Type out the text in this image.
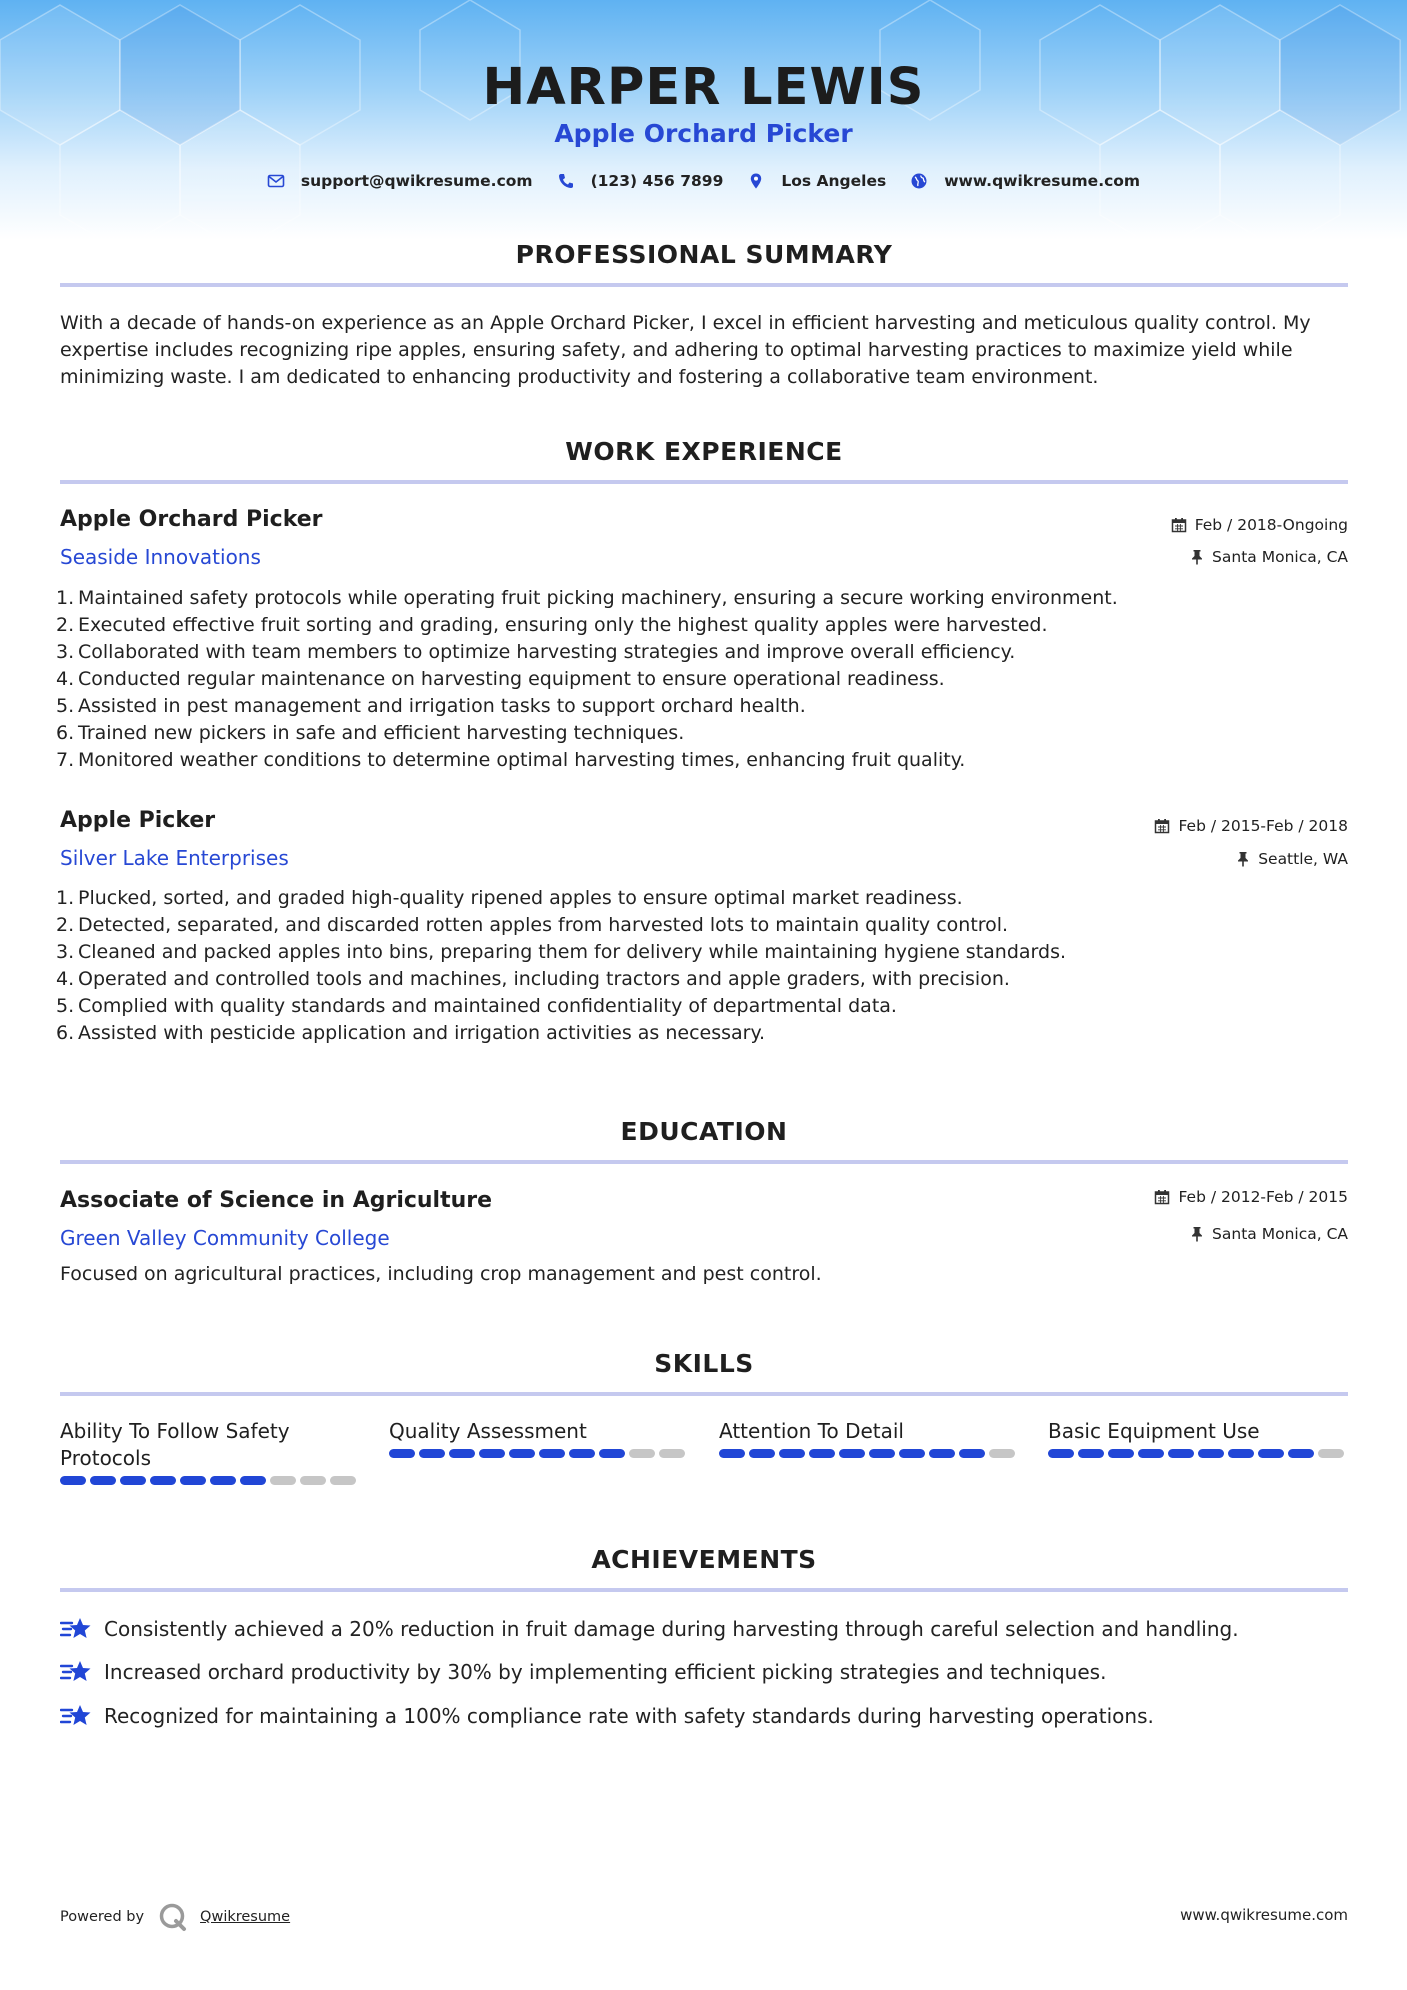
HARPER LEWIS
Apple Orchard Picker
support@qwikresume.com	(123) 456 7899	Los Angeles	www.qwikresume.com
PROFESSIONAL SUMMARY
With a decade of hands-on experience as an Apple Orchard Picker, I excel in efficient harvesting and meticulous quality control. My
expertise includes recognizing ripe apples, ensuring safety, and adhering to optimal harvesting practices to maximize yield while
minimizing waste. I am dedicated to enhancing productivity and fostering a collaborative team environment.
WORK EXPERIENCE
Apple Orchard Picker
Seaside Innovations
Feb / 2018-Ongoing
Santa Monica, CA
1. Maintained safety protocols while operating fruit picking machinery, ensuring a secure working environment.
2. Executed effective fruit sorting and grading, ensuring only the highest quality apples were harvested.
3. Collaborated with team members to optimize harvesting strategies and improve overall efficiency.
4. Conducted regular maintenance on harvesting equipment to ensure operational readiness.
5. Assisted in pest management and irrigation tasks to support orchard health.
6. Trained new pickers in safe and efficient harvesting techniques.
7. Monitored weather conditions to determine optimal harvesting times, enhancing fruit quality.
Apple Picker
Silver Lake Enterprises
Feb / 2015-Feb / 2018
Seattle, WA
1. Plucked, sorted, and graded high-quality ripened apples to ensure optimal market readiness.
2. Detected, separated, and discarded rotten apples from harvested lots to maintain quality control.
3. Cleaned and packed apples into bins, preparing them for delivery while maintaining hygiene standards.
4. Operated and controlled tools and machines, including tractors and apple graders, with precision.
5. Complied with quality standards and maintained confidentiality of departmental data.
6. Assisted with pesticide application and irrigation activities as necessary.
EDUCATION
Associate of Science in Agriculture
Green Valley Community College
Feb / 2012-Feb / 2015
Santa Monica, CA
Focused on agricultural practices, including crop management and pest control.
SKILLS
Ability To Follow Safety
Protocols
Quality Assessment	Attention To Detail	Basic Equipment Use
ACHIEVEMENTS
Consistently achieved a 20% reduction in fruit damage during harvesting through careful selection and handling.
Increased orchard productivity by 30% by implementing efficient picking strategies and techniques.
Recognized for maintaining a 100% compliance rate with safety standards during harvesting operations.
Powered by	Qwikresume	www.qwikresume.com
